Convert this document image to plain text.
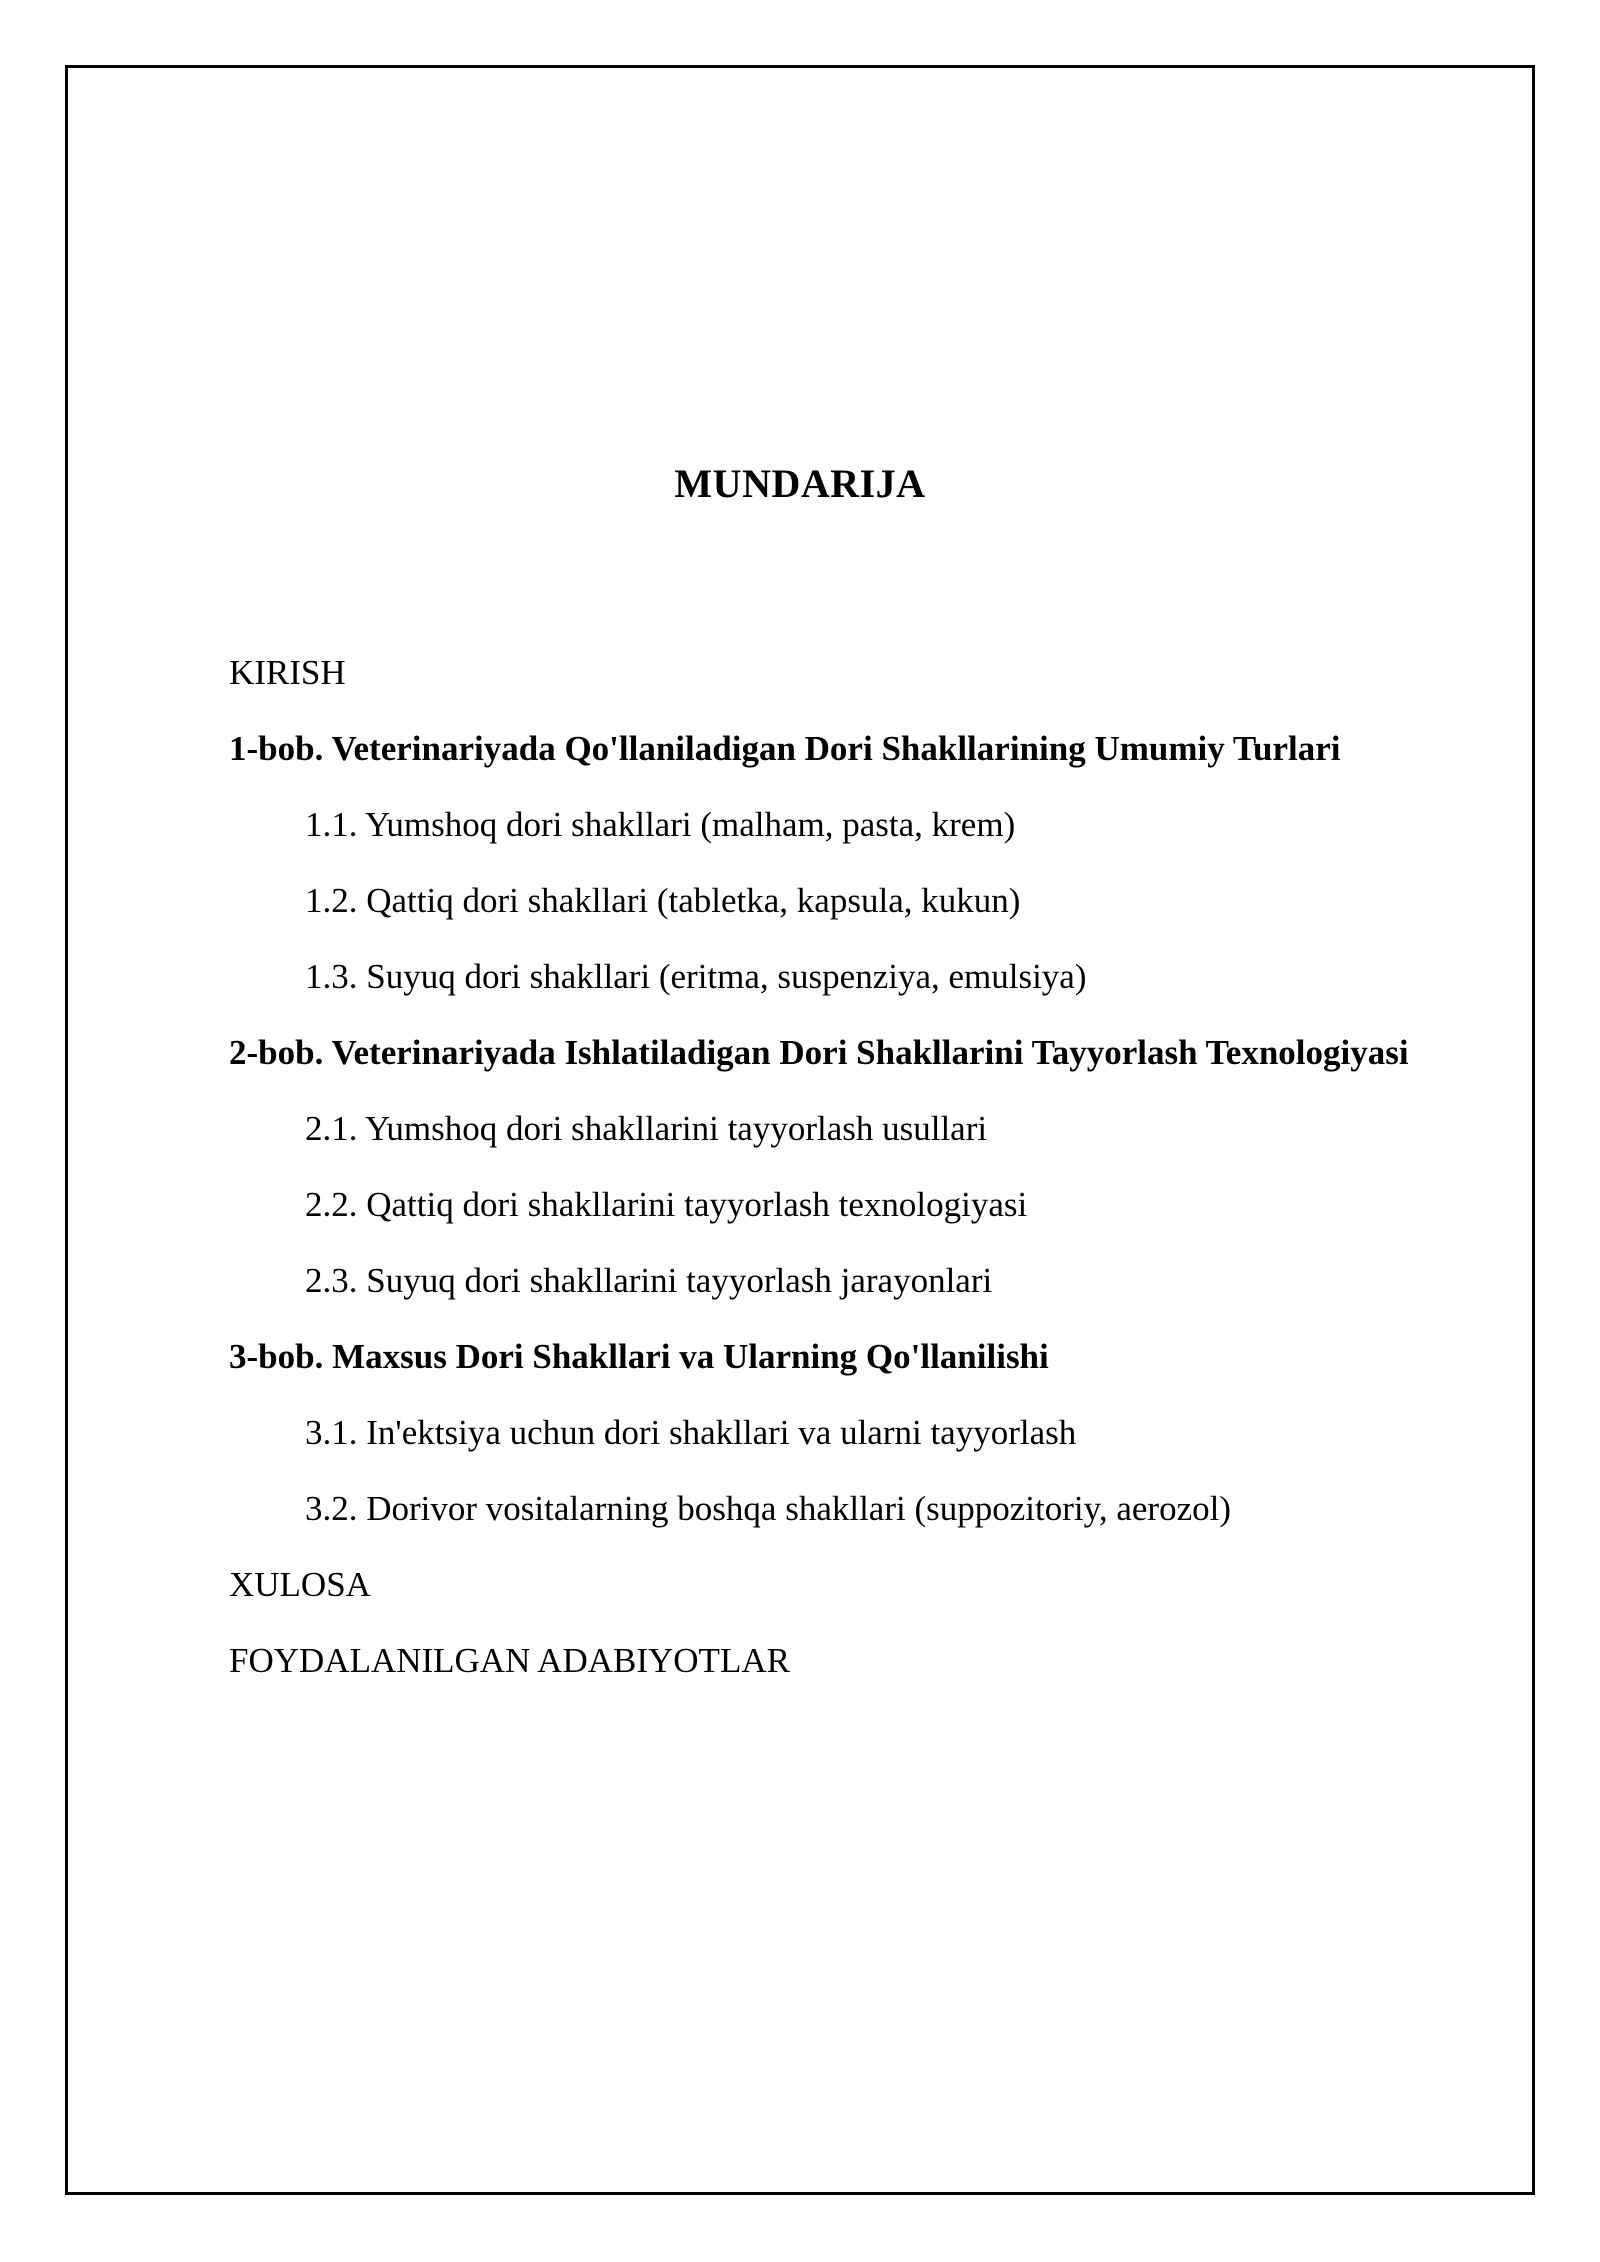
MUNDARIJA
KIRISH
1-bob. Veterinariyada Qo'llaniladigan Dori Shakllarining Umumiy Turlari
1.1. Yumshoq dori shakllari (malham, pasta, krem)
1.2. Qattiq dori shakllari (tabletka, kapsula, kukun)
1.3. Suyuq dori shakllari (eritma, suspenziya, emulsiya)
2-bob. Veterinariyada Ishlatiladigan Dori Shakllarini Tayyorlash Texnologiyasi
2.1. Yumshoq dori shakllarini tayyorlash usullari
2.2. Qattiq dori shakllarini tayyorlash texnologiyasi
2.3. Suyuq dori shakllarini tayyorlash jarayonlari
3-bob. Maxsus Dori Shakllari va Ularning Qo'llanilishi
3.1. In'ektsiya uchun dori shakllari va ularni tayyorlash
3.2. Dorivor vositalarning boshqa shakllari (suppozitoriy, aerozol)
XULOSA
FOYDALANILGAN ADABIYOTLAR
